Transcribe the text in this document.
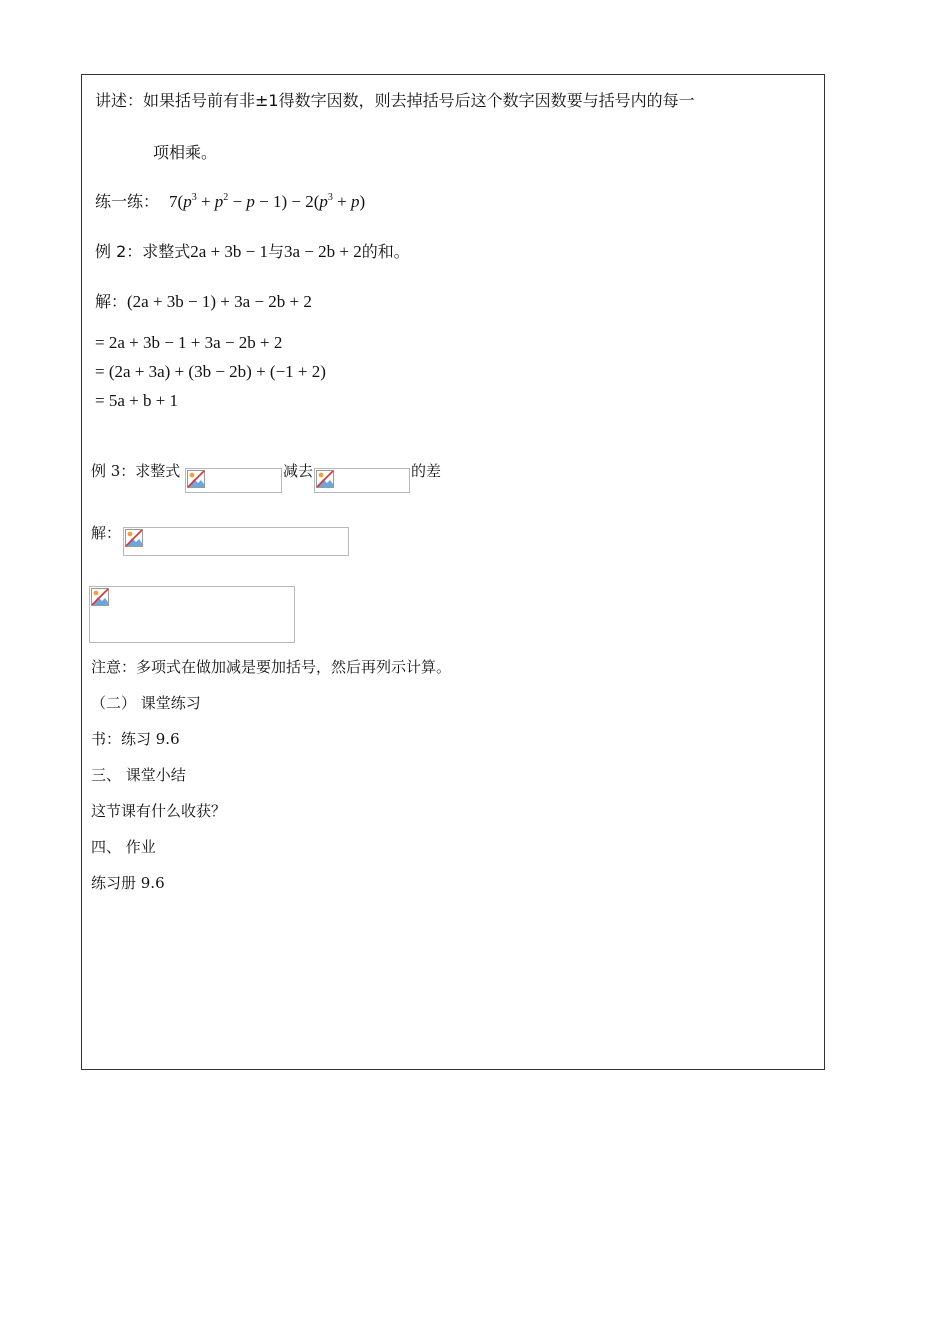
讲述：如果括号前有非±1得数字因数，则去掉括号后这个数字因数要与括号内的每一
项相乘。
练一练： $7(p^3 + p^2 - p - 1) - 2(p^3 + p)$
例 2：求整式2a + 3b − 1与3a − 2b + 2的和。
解：(2a + 3b − 1) + 3a − 2b + 2
= 2a + 3b − 1 + 3a − 2b + 2
= (2a + 3a) + (3b − 2b) + (−1 + 2)
= 5a + b + 1
例 3：求整式	减去	的差
解：
注意：多项式在做加减是要加括号，然后再列示计算。
（二） 课堂练习
书：练习 9.6
三、 课堂小结
这节课有什么收获？
四、 作业
练习册 9.6
